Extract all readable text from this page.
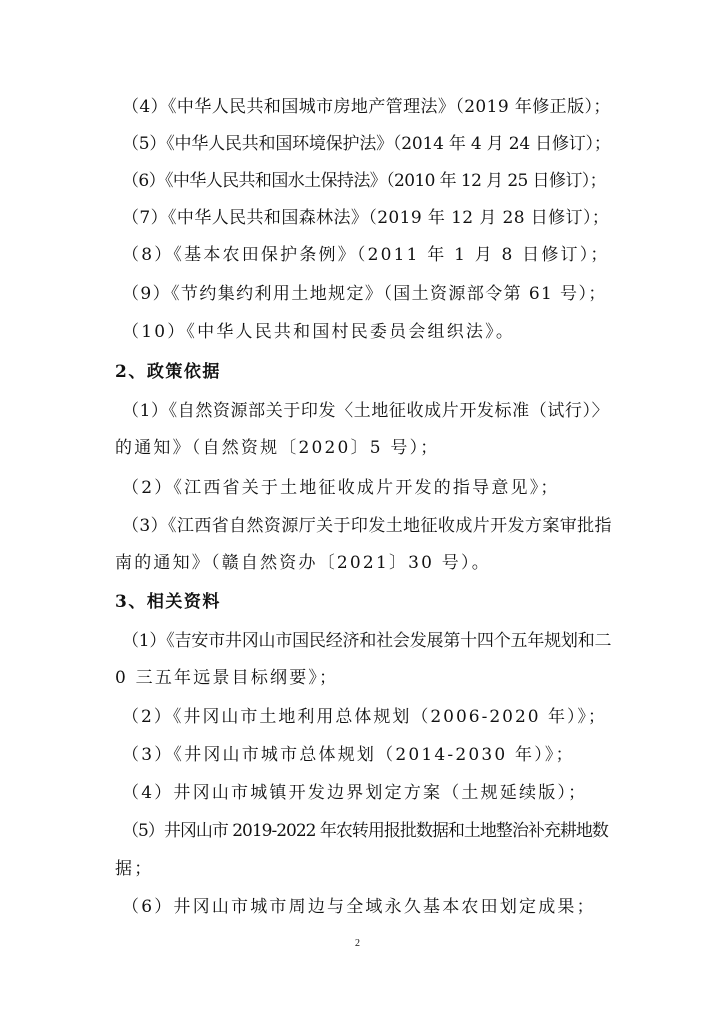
（4）《中华人民共和国城市房地产管理法》（2019 年修正版）；
（5）《中华人民共和国环境保护法》（2014 年 4 月 24 日修订）；
（6）《中华人民共和国水土保持法》（2010 年 12 月 25 日修订）；
（7）《中华人民共和国森林法》（2019 年 12 月 28 日修订）；
（8）《基本农田保护条例》（2011 年 1 月 8 日修订）；
（9）《节约集约利用土地规定》（国土资源部令第 61 号）；
（10）《中华人民共和国村民委员会组织法》。
2、政策依据
（1）《自然资源部关于印发〈土地征收成片开发标准（试行）〉
的通知》（自然资规〔2020〕5 号）；
（2）《江西省关于土地征收成片开发的指导意见》；
（3）《江西省自然资源厅关于印发土地征收成片开发方案审批指
南的通知》（赣自然资办〔2021〕30 号）。
3、相关资料
（1）《吉安市井冈山市国民经济和社会发展第十四个五年规划和二
0 三五年远景目标纲要》；
（2）《井冈山市土地利用总体规划（2006-2020 年）》；
（3）《井冈山市城市总体规划（2014-2030 年）》；
（4）井冈山市城镇开发边界划定方案（土规延续版）；
（5）井冈山市 2019-2022 年农转用报批数据和土地整治补充耕地数
据；
（6）井冈山市城市周边与全域永久基本农田划定成果；
2
